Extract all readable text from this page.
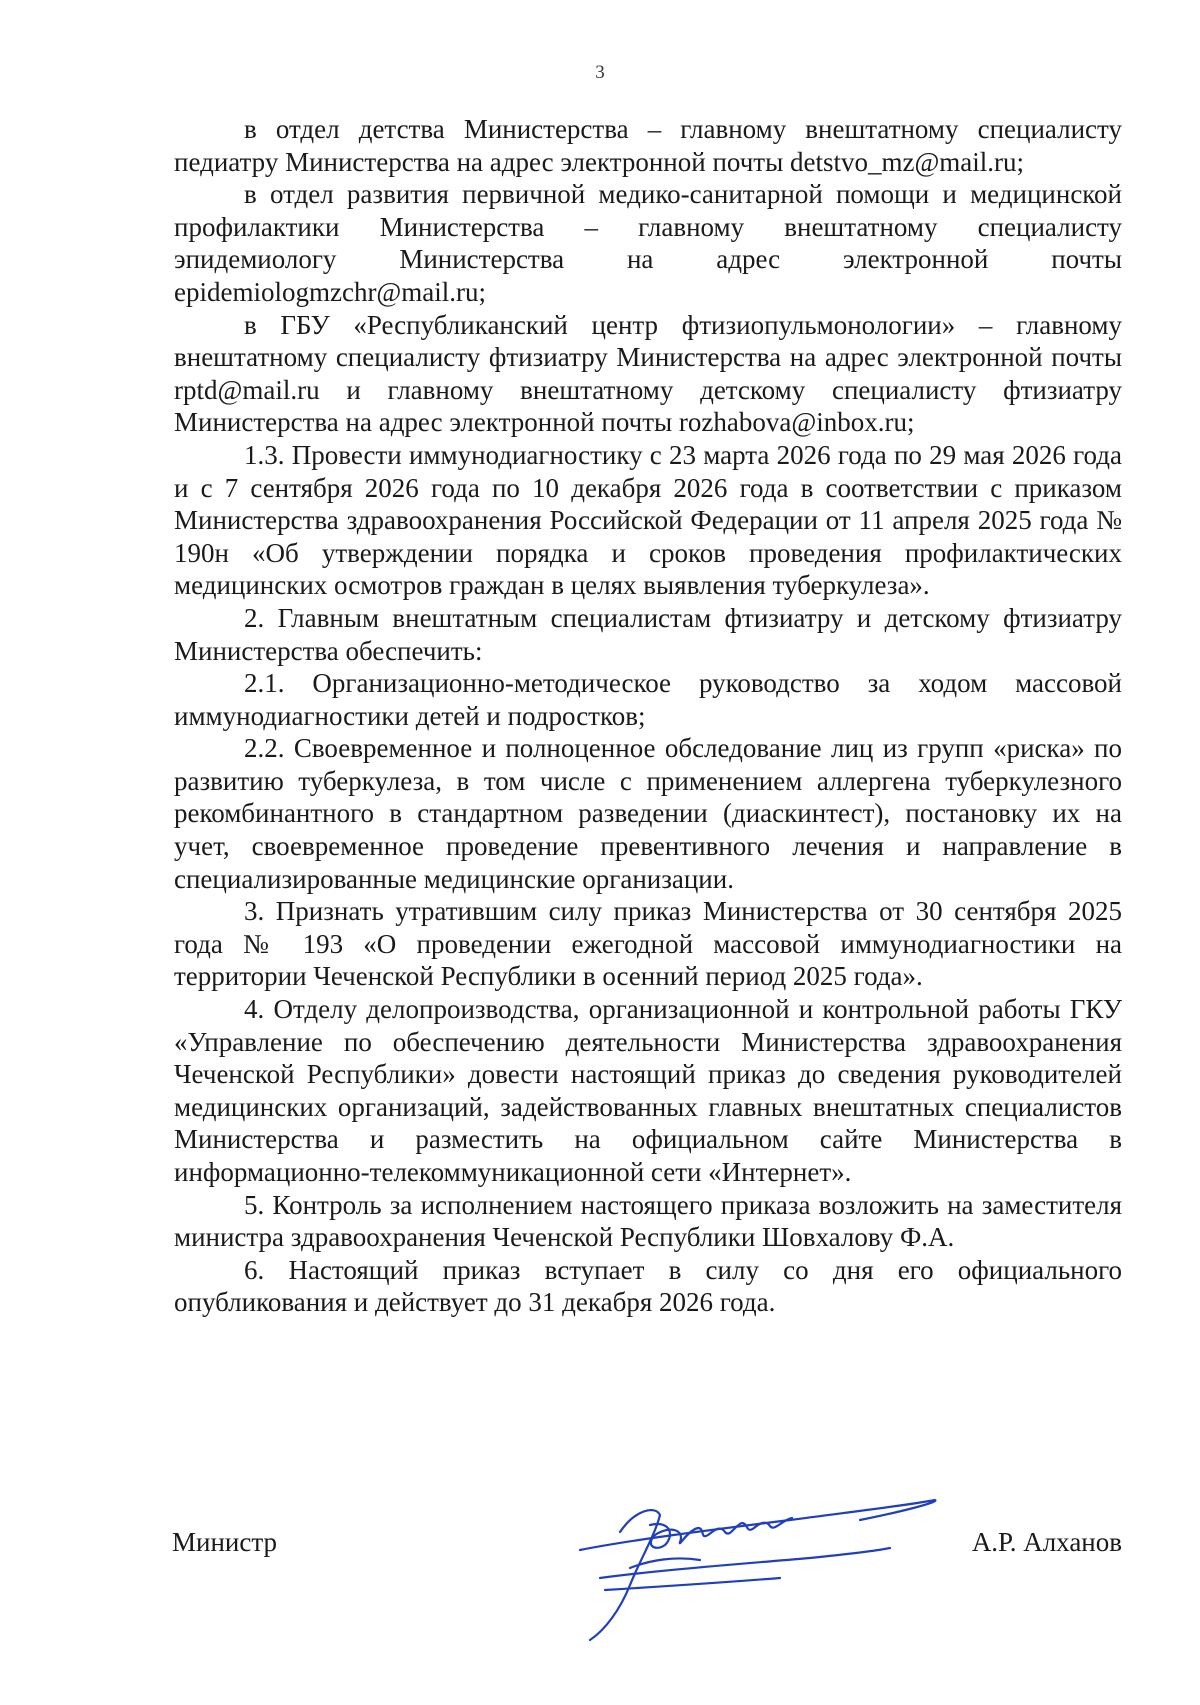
3

в отдел детства Министерства – главному внештатному специалисту педиатру Министерства на адрес электронной почты detstvo_mz@mail.ru;

в отдел развития первичной медико-санитарной помощи и медицинской профилактики Министерства – главному внештатному специалисту эпидемиологу Министерства на адрес электронной почты epidemiologmzchr@mail.ru;

в ГБУ «Республиканский центр фтизиопульмонологии» – главному внештатному специалисту фтизиатру Министерства на адрес электронной почты rptd@mail.ru и главному внештатному детскому специалисту фтизиатру Министерства на адрес электронной почты rozhabova@inbox.ru;

1.3. Провести иммунодиагностику с 23 марта 2026 года по 29 мая 2026 года и с 7 сентября 2026 года по 10 декабря 2026 года в соответствии с приказом Министерства здравоохранения Российской Федерации от 11 апреля 2025 года № 190н «Об утверждении порядка и сроков проведения профилактических медицинских осмотров граждан в целях выявления туберкулеза».

2. Главным внештатным специалистам фтизиатру и детскому фтизиатру Министерства обеспечить:

2.1. Организационно-методическое руководство за ходом массовой иммунодиагностики детей и подростков;

2.2. Своевременное и полноценное обследование лиц из групп «риска» по развитию туберкулеза, в том числе с применением аллергена туберкулезного рекомбинантного в стандартном разведении (диаскинтест), постановку их на учет, своевременное проведение превентивного лечения и направление в специализированные медицинские организации.

3. Признать утратившим силу приказ Министерства от 30 сентября 2025 года № 193 «О проведении ежегодной массовой иммунодиагностики на территории Чеченской Республики в осенний период 2025 года».

4. Отделу делопроизводства, организационной и контрольной работы ГКУ «Управление по обеспечению деятельности Министерства здравоохранения Чеченской Республики» довести настоящий приказ до сведения руководителей медицинских организаций, задействованных главных внештатных специалистов Министерства и разместить на официальном сайте Министерства в информационно-телекоммуникационной сети «Интернет».

5. Контроль за исполнением настоящего приказа возложить на заместителя министра здравоохранения Чеченской Республики Шовхалову Ф.А.

6. Настоящий приказ вступает в силу со дня его официального опубликования и действует до 31 декабря 2026 года.

Министр	А.Р. Алханов
